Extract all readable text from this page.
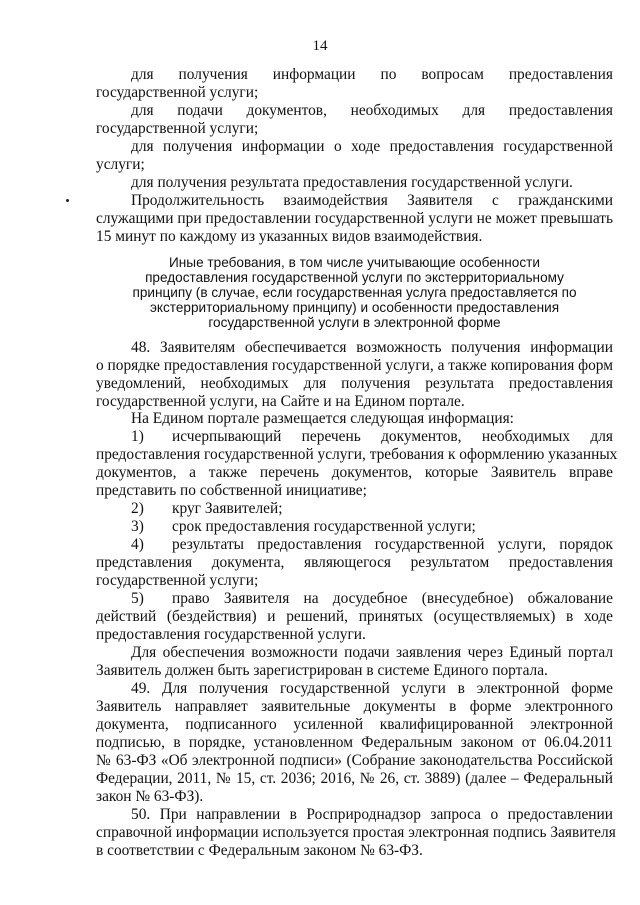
14
для получения информации по вопросам предоставления
государственной услуги;
для подачи документов, необходимых для предоставления
государственной услуги;
для получения информации о ходе предоставления государственной
услуги;
для получения результата предоставления государственной услуги.
Продолжительность взаимодействия Заявителя с гражданскими
служащими при предоставлении государственной услуги не может превышать
15 минут по каждому из указанных видов взаимодействия.
Иные требования, в том числе учитывающие особенности
предоставления государственной услуги по экстерриториальному
принципу (в случае, если государственная услуга предоставляется по
экстерриториальному принципу) и особенности предоставления
государственной услуги в электронной форме
48. Заявителям обеспечивается возможность получения информации
о порядке предоставления государственной услуги, а также копирования форм
уведомлений, необходимых для получения результата предоставления
государственной услуги, на Сайте и на Едином портале.
На Едином портале размещается следующая информация:
1) исчерпывающий перечень документов, необходимых для
предоставления государственной услуги, требования к оформлению указанных
документов, а также перечень документов, которые Заявитель вправе
представить по собственной инициативе;
2) круг Заявителей;
3) срок предоставления государственной услуги;
4) результаты предоставления государственной услуги, порядок
представления документа, являющегося результатом предоставления
государственной услуги;
5) право Заявителя на досудебное (внесудебное) обжалование
действий (бездействия) и решений, принятых (осуществляемых) в ходе
предоставления государственной услуги.
Для обеспечения возможности подачи заявления через Единый портал
Заявитель должен быть зарегистрирован в системе Единого портала.
49. Для получения государственной услуги в электронной форме
Заявитель направляет заявительные документы в форме электронного
документа, подписанного усиленной квалифицированной электронной
подписью, в порядке, установленном Федеральным законом от 06.04.2011
№ 63-ФЗ «Об электронной подписи» (Собрание законодательства Российской
Федерации, 2011, № 15, ст. 2036; 2016, № 26, ст. 3889) (далее – Федеральный
закон № 63-ФЗ).
50. При направлении в Росприроднадзор запроса о предоставлении
справочной информации используется простая электронная подпись Заявителя
в соответствии с Федеральным законом № 63-ФЗ.
